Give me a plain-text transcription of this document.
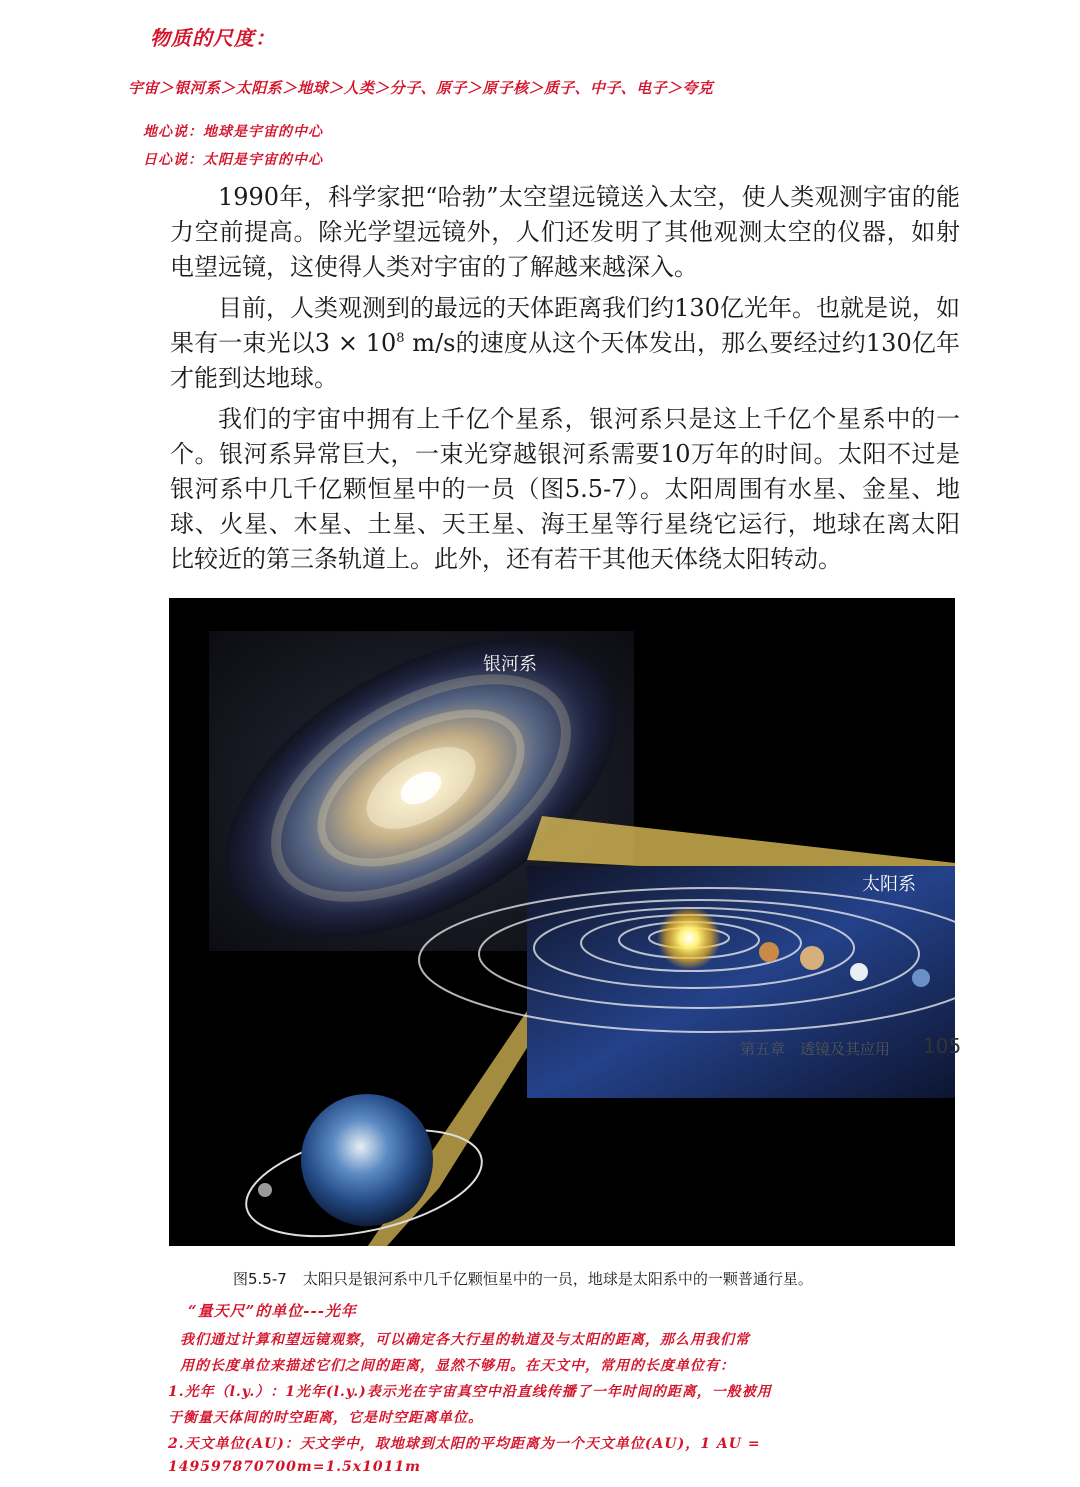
物质的尺度：
宇宙＞银河系＞太阳系＞地球＞人类＞分子、原子＞原子核＞质子、中子、电子＞夸克
地心说：地球是宇宙的中心
日心说：太阳是宇宙的中心

1990年，科学家把“哈勃”太空望远镜送入太空，使人类观测宇宙的能力空前提高。除光学望远镜外，人们还发明了其他观测太空的仪器，如射电望远镜，这使得人类对宇宙的了解越来越深入。

目前，人类观测到的最远的天体距离我们约130亿光年。也就是说，如果有一束光以$3 \times 10^8$ m/s的速度从这个天体发出，那么要经过约130亿年才能到达地球。

我们的宇宙中拥有上千亿个星系，银河系只是这上千亿个星系中的一个。银河系异常巨大，一束光穿越银河系需要10万年的时间。太阳不过是银河系中几千亿颗恒星中的一员（图5.5-7）。太阳周围有水星、金星、地球、火星、木星、土星、天王星、海王星等行星绕它运行，地球在离太阳比较近的第三条轨道上。此外，还有若干其他天体绕太阳转动。

银河系
太阳系
图5.5-7 太阳只是银河系中几千亿颗恒星中的一员，地球是太阳系中的一颗普通行星。
“量天尺”的单位---光年
我们通过计算和望远镜观察，可以确定各大行星的轨道及与太阳的距离，那么用我们常
用的长度单位来描述它们之间的距离，显然不够用。在天文中，常用的长度单位有：
1.光年（l.y.）：1光年(l.y.)表示光在宇宙真空中沿直线传播了一年时间的距离，一般被用
于衡量天体间的时空距离，它是时空距离单位。
2.天文单位(AU)：天文学中，取地球到太阳的平均距离为一个天文单位(AU)，1 AU =
149597870700m=1.5x1011m
第五章　透镜及其应用 105
